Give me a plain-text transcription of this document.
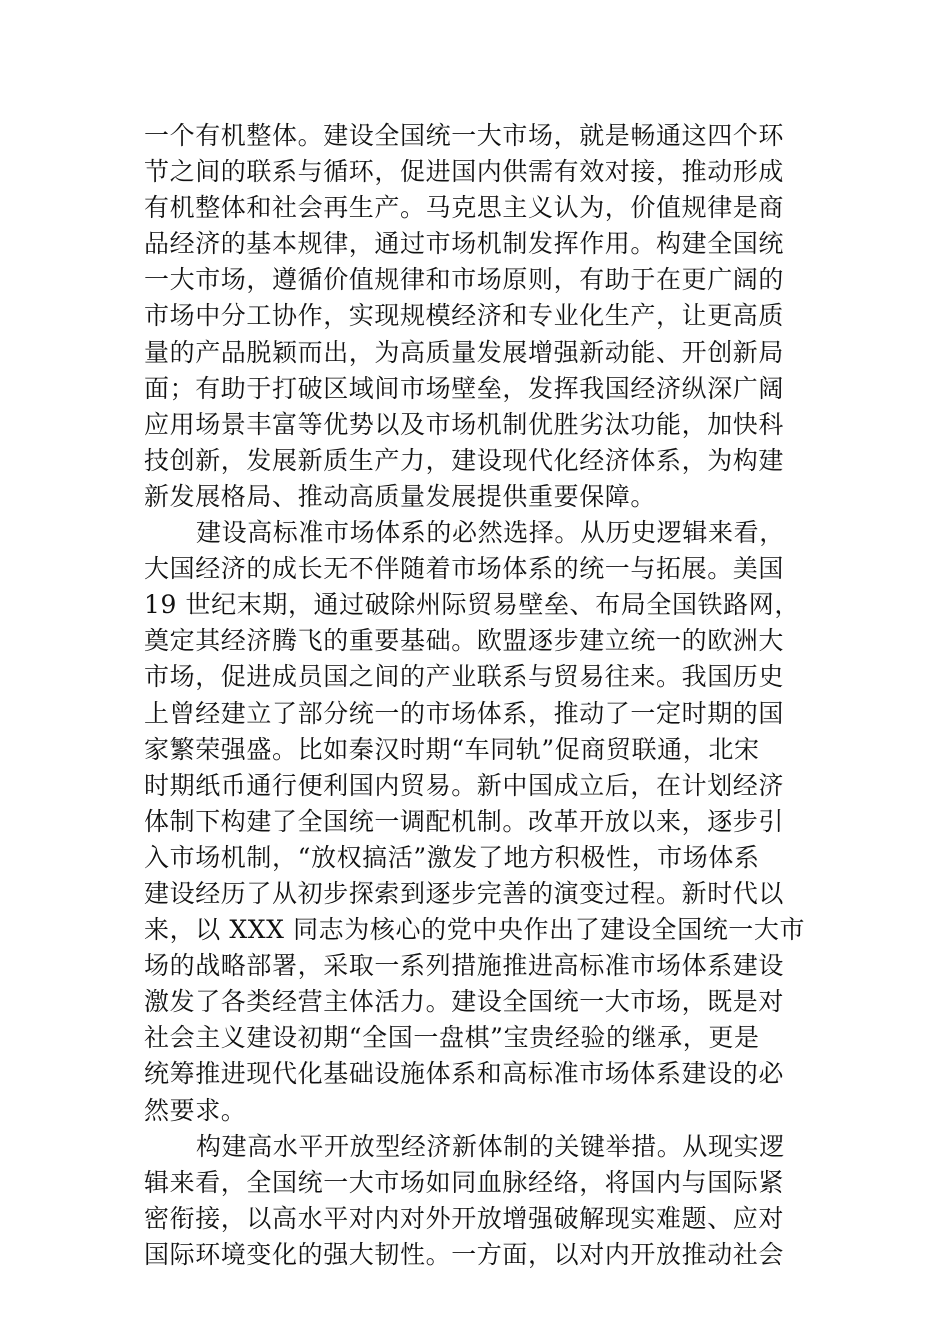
一个有机整体。建设全国统一大市场，就是畅通这四个环
节之间的联系与循环，促进国内供需有效对接，推动形成
有机整体和社会再生产。马克思主义认为，价值规律是商
品经济的基本规律，通过市场机制发挥作用。构建全国统
一大市场，遵循价值规律和市场原则，有助于在更广阔的
市场中分工协作，实现规模经济和专业化生产，让更高质
量的产品脱颖而出，为高质量发展增强新动能、开创新局
面；有助于打破区域间市场壁垒，发挥我国经济纵深广阔
应用场景丰富等优势以及市场机制优胜劣汰功能，加快科
技创新，发展新质生产力，建设现代化经济体系，为构建
新发展格局、推动高质量发展提供重要保障。
建设高标准市场体系的必然选择。从历史逻辑来看，
大国经济的成长无不伴随着市场体系的统一与拓展。美国
19 世纪末期，通过破除州际贸易壁垒、布局全国铁路网，
奠定其经济腾飞的重要基础。欧盟逐步建立统一的欧洲大
市场，促进成员国之间的产业联系与贸易往来。我国历史
上曾经建立了部分统一的市场体系，推动了一定时期的国
家繁荣强盛。比如秦汉时期“车同轨”促商贸联通，北宋
时期纸币通行便利国内贸易。新中国成立后，在计划经济
体制下构建了全国统一调配机制。改革开放以来，逐步引
入市场机制，“放权搞活”激发了地方积极性，市场体系
建设经历了从初步探索到逐步完善的演变过程。新时代以
来，以 XXX 同志为核心的党中央作出了建设全国统一大市
场的战略部署，采取一系列措施推进高标准市场体系建设
激发了各类经营主体活力。建设全国统一大市场，既是对
社会主义建设初期“全国一盘棋”宝贵经验的继承，更是
统筹推进现代化基础设施体系和高标准市场体系建设的必
然要求。
构建高水平开放型经济新体制的关键举措。从现实逻
辑来看，全国统一大市场如同血脉经络，将国内与国际紧
密衔接，以高水平对内对外开放增强破解现实难题、应对
国际环境变化的强大韧性。一方面，以对内开放推动社会
